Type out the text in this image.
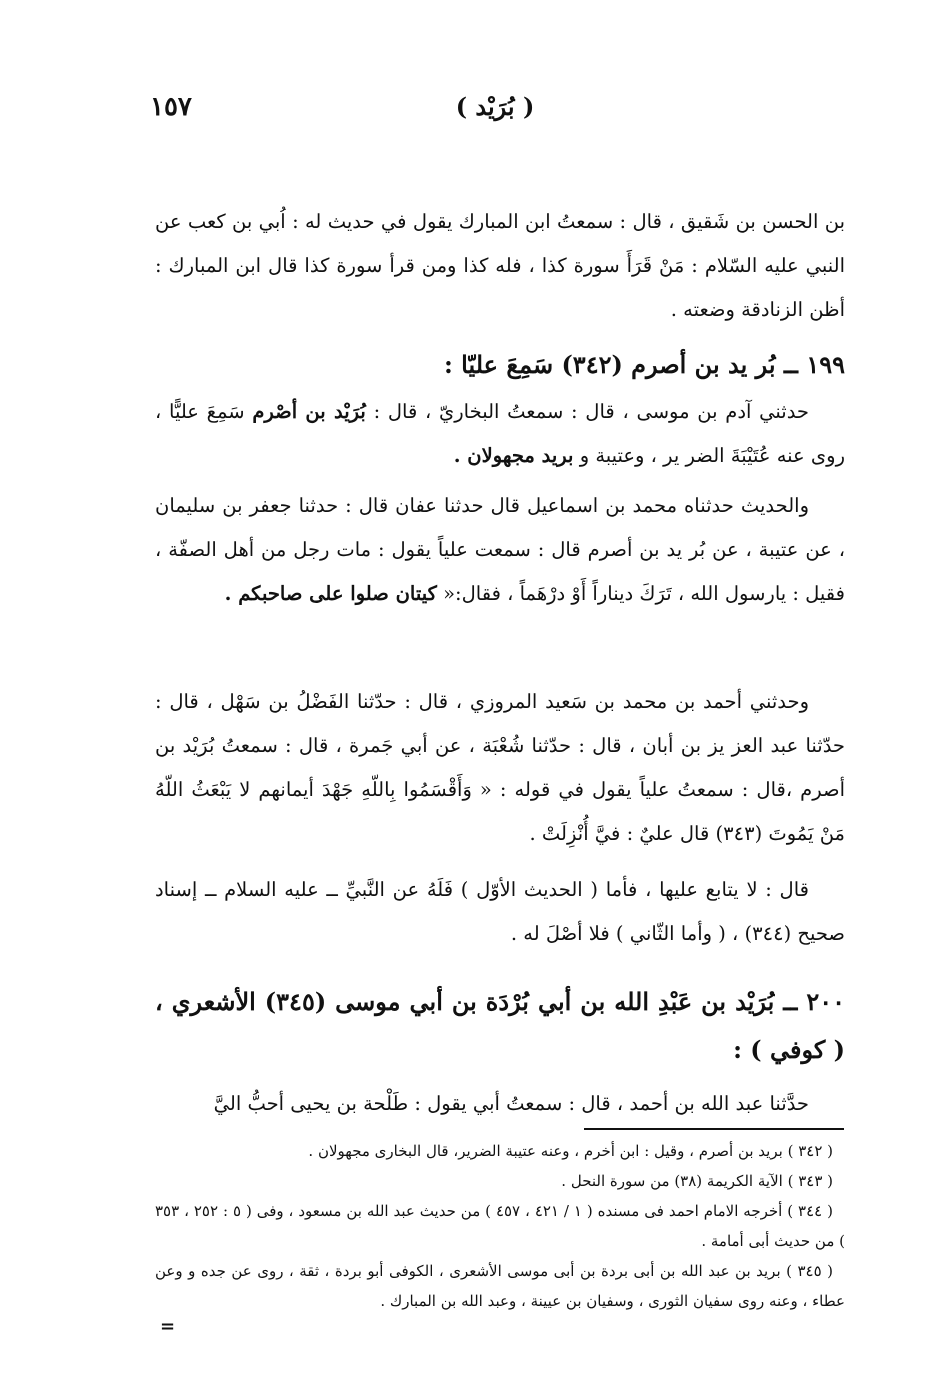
( بُرَيْد )
١٥٧

بن الحسن بن شَقيق ، قال : سمعتُ ابن المبارك يقول في حديث له : اُبي بن كعب عن النبي عليه السّلام : مَنْ قَرَأَ سورة كذا ، فله كذا ومن قرأ سورة كذا قال ابن المبارك : أظن الزنادقة وضعته .

١٩٩ ــ بُر يد بن أصرم (٣٤٢) سَمِعَ عليّا :

حدثني آدم بن موسى ، قال : سمعتُ البخاريّ ، قال : بُرَيْد بن أصْرم سَمِعَ عليًّا ، روى عنه عُتَيْبَةَ الضر ير ، وعتيبة و بريد مجهولان .

والحديث حدثناه محمد بن اسماعيل قال حدثنا عفان قال : حدثنا جعفر بن سليمان ، عن عتيبة ، عن بُر يد بن أصرم قال : سمعت علياً يقول : مات رجل من أهل الصفّة ، فقيل : يارسول الله ، تَرَكَ ديناراً أَوْ درْهَماً ، فقال:« كيتان صلوا على صاحبكم .

وحدثني أحمد بن محمد بن سَعيد المروزي ، قال : حدّثنا الفَضْلُ بن سَهْل ، قال : حدّثنا عبد العز يز بن أبان ، قال : حدّثنا شُعْبَة ، عن أبي جَمرة ، قال : سمعتُ بُرَيْد بن أصرم ،قال : سمعتُ علياً يقول في قوله : « وَأَقْسَمُوا بِاللّهِ جَهْدَ أيمانهم لا يَبْعَثُ اللّهُ مَنْ يَمُوتَ (٣٤٣) قال عليٌ : فيَّ أُنْزِلَتْ .

قال : لا يتابع عليها ، فأما ( الحديث الأوّل ) فَلَهُ عن النَّبيِّ ــ عليه السلام ــ إسناد صحيح (٣٤٤) ، ( وأما الثّاني ) فلا أصْلَ له .

٢٠٠ ــ بُرَيْد بن عَبْدِ الله بن أبي بُرْدَة بن أبي موسى (٣٤٥) الأشعري ، ( كوفي ) :

حدَّثنا عبد الله بن أحمد ، قال : سمعتُ أبي يقول : طَلْحة بن يحيى أحبُّ اليَّ

( ٣٤٢ ) بريد بن أصرم ، وقيل : ابن أخرم ، وعنه عتيبة الضرير، قال البخارى مجهولان .

( ٣٤٣ ) الآية الكريمة (٣٨) من سورة النحل .

( ٣٤٤ ) أخرجه الامام احمد فى مسنده ( ١ / ٤٢١ ، ٤٥٧ ) من حديث عبد الله بن مسعود ، وفى ( ٥ : ٢٥٢ ، ٣٥٣ ) من حديث أبى أمامة .

( ٣٤٥ ) بريد بن عبد الله بن أبى بردة بن أبى موسى الأشعرى ، الكوفى أبو بردة ، ثقة ، روى عن جده و وعن عطاء ، وعنه روى سفيان الثورى ، وسفيان بن عيينة ، وعبد الله بن المبارك .

=
